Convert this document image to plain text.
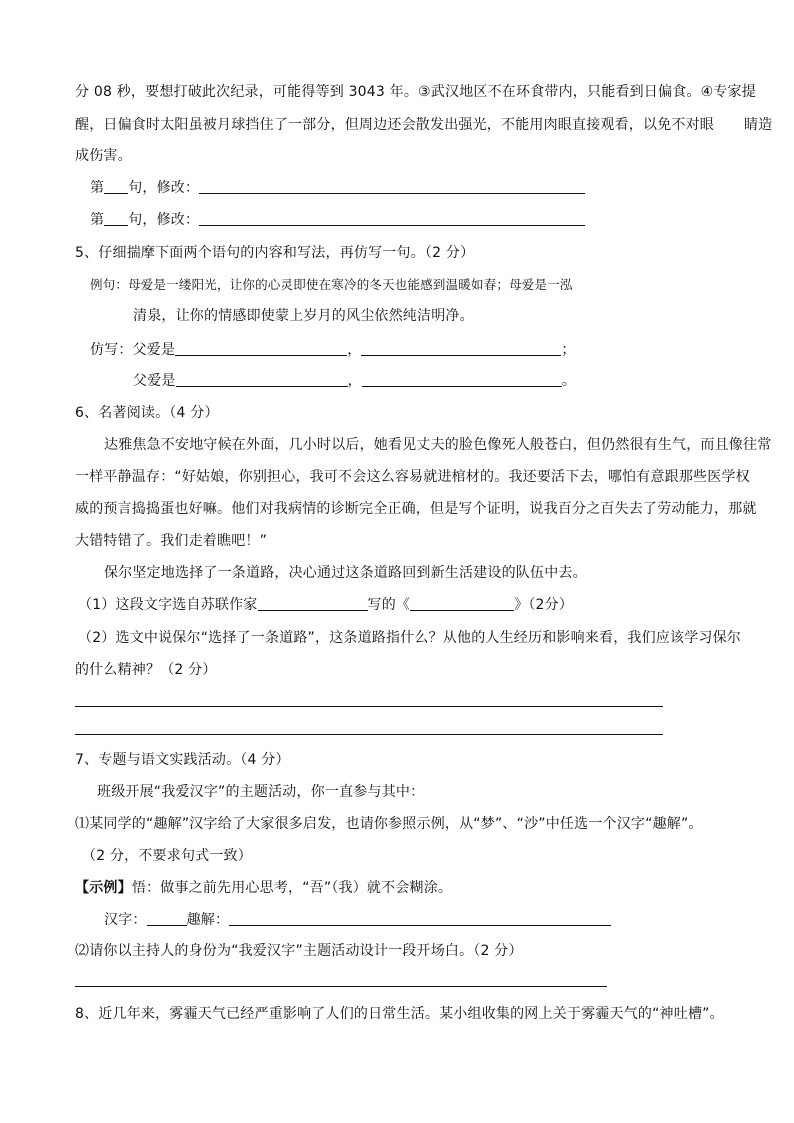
分 08 秒，要想打破此次纪录，可能得等到 3043 年。③武汉地区不在环食带内，只能看到日偏食。④专家提
醒，日偏食时太阳虽被月球挡住了一部分，但周边还会散发出强光，不能用肉眼直接观看，以免不对眼 睛造
成伤害。
第 句，修改：
第 句，修改：
5、仔细揣摩下面两个语句的内容和写法，再仿写一句。（2 分）
例句：母爱是一缕阳光，让你的心灵即使在寒冷的冬天也能感到温暖如春；母爱是一泓
清泉，让你的情感即使蒙上岁月的风尘依然纯洁明净。
仿写：父爱是	，	；
父爱是	，	。
6、名著阅读。（4 分）
达雅焦急不安地守候在外面，几小时以后，她看见丈夫的脸色像死人般苍白，但仍然很有生气，而且像往常
一样平静温存：“好姑娘，你别担心，我可不会这么容易就进棺材的。我还要活下去，哪怕有意跟那些医学权
威的预言捣捣蛋也好嘛。他们对我病情的诊断完全正确，但是写个证明，说我百分之百失去了劳动能力，那就
大错特错了。我们走着瞧吧！”
保尔坚定地选择了一条道路，决心通过这条道路回到新生活建设的队伍中去。
（1）这段文字选自苏联作家	写的《	》（2分）
（2）选文中说保尔“选择了一条道路”，这条道路指什么？从他的人生经历和影响来看，我们应该学习保尔
的什么精神？（2 分）
7、专题与语文实践活动。（4 分）
班级开展“我爱汉字”的主题活动，你一直参与其中：
⑴某同学的“趣解”汉字给了大家很多启发，也请你参照示例，从“梦”、“沙”中任选一个汉字“趣解”。
（2 分，不要求句式一致）
【示例】悟：做事之前先用心思考，“吾”（我）就不会糊涂。
汉字：	趣解：
⑵请你以主持人的身份为“我爱汉字”主题活动设计一段开场白。（2 分）
8、近几年来，雾霾天气已经严重影响了人们的日常生活。某小组收集的网上关于雾霾天气的“神吐槽”。
